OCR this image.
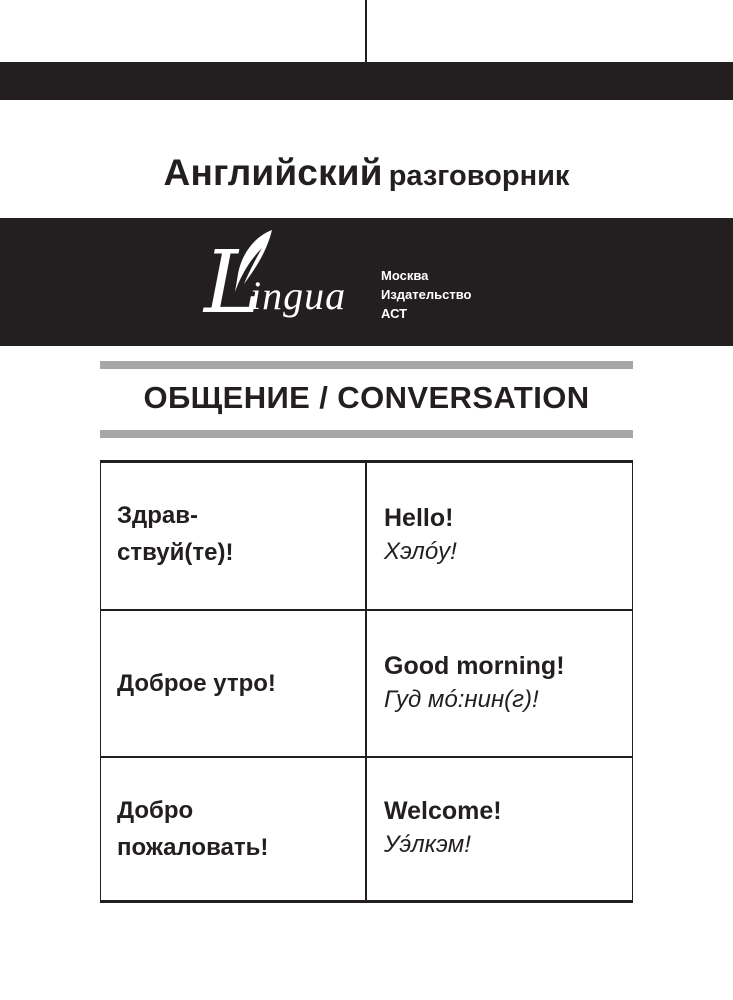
Английский разговорник
L
ingua	Москва
Издательство
АСТ
ОБЩЕНИЕ / CONVERSATION
Здрав-
ствуй(те)!
Hello!
Хэлóу!
Доброе утро!
Good morning!
Гуд мó:нин(г)!
Добро
пожаловать!
Welcome!
Уэ́лкэм!
